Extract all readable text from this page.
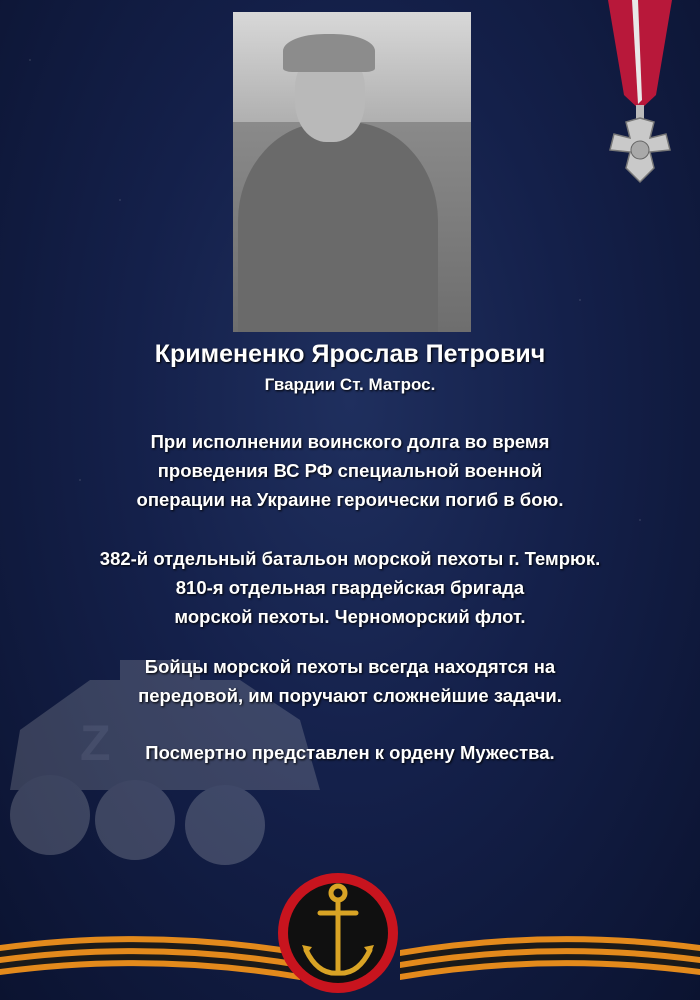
Z
Кримененко Ярослав Петрович
Гвардии Ст. Матрос.
При исполнении воинского долга во время
проведения ВС РФ специальной военной
операции на Украине героически погиб в бою.
382-й отдельный батальон морской пехоты г. Темрюк.
810-я отдельная гвардейская бригада
морской пехоты. Черноморский флот.
Бойцы морской пехоты всегда находятся на
передовой, им поручают сложнейшие задачи.
Посмертно представлен к ордену Мужества.
